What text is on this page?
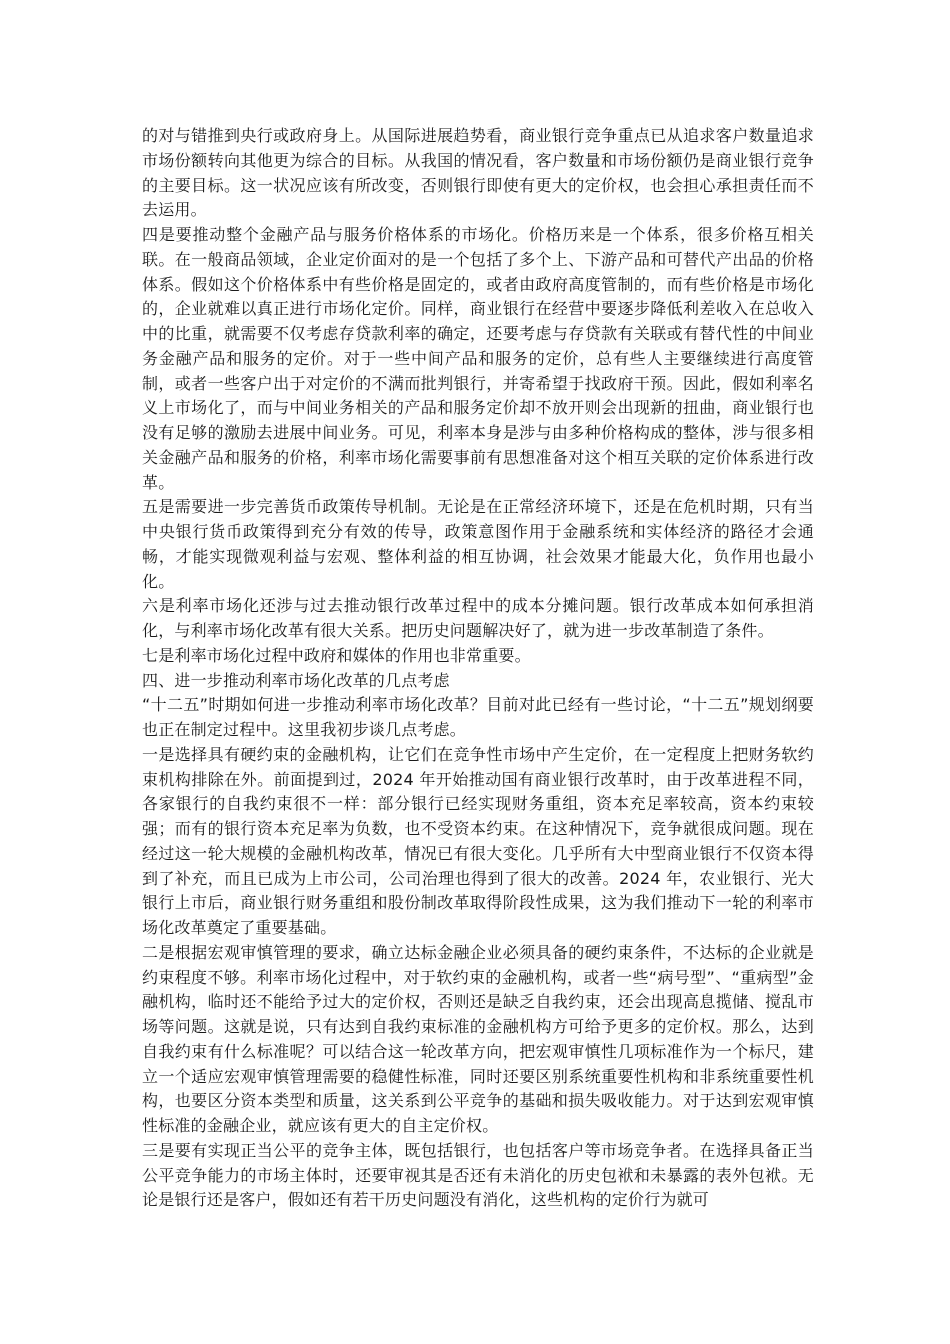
的对与错推到央行或政府身上。从国际进展趋势看，商业银行竞争重点已从追求客户数量追求市场份额转向其他更为综合的目标。从我国的情况看，客户数量和市场份额仍是商业银行竞争的主要目标。这一状况应该有所改变，否则银行即使有更大的定价权，也会担心承担责任而不去运用。

四是要推动整个金融产品与服务价格体系的市场化。价格历来是一个体系，很多价格互相关联。在一般商品领域，企业定价面对的是一个包括了多个上、下游产品和可替代产出品的价格体系。假如这个价格体系中有些价格是固定的，或者由政府高度管制的，而有些价格是市场化的，企业就难以真正进行市场化定价。同样，商业银行在经营中要逐步降低利差收入在总收入中的比重，就需要不仅考虑存贷款利率的确定，还要考虑与存贷款有关联或有替代性的中间业务金融产品和服务的定价。对于一些中间产品和服务的定价，总有些人主要继续进行高度管制，或者一些客户出于对定价的不满而批判银行，并寄希望于找政府干预。因此，假如利率名义上市场化了，而与中间业务相关的产品和服务定价却不放开则会出现新的扭曲，商业银行也没有足够的激励去进展中间业务。可见，利率本身是涉与由多种价格构成的整体，涉与很多相关金融产品和服务的价格，利率市场化需要事前有思想准备对这个相互关联的定价体系进行改革。

五是需要进一步完善货币政策传导机制。无论是在正常经济环境下，还是在危机时期，只有当中央银行货币政策得到充分有效的传导，政策意图作用于金融系统和实体经济的路径才会通畅，才能实现微观利益与宏观、整体利益的相互协调，社会效果才能最大化，负作用也最小化。

六是利率市场化还涉与过去推动银行改革过程中的成本分摊问题。银行改革成本如何承担消化，与利率市场化改革有很大关系。把历史问题解决好了，就为进一步改革制造了条件。

七是利率市场化过程中政府和媒体的作用也非常重要。

四、进一步推动利率市场化改革的几点考虑

“十二五”时期如何进一步推动利率市场化改革？目前对此已经有一些讨论，“十二五”规划纲要也正在制定过程中。这里我初步谈几点考虑。

一是选择具有硬约束的金融机构，让它们在竞争性市场中产生定价，在一定程度上把财务软约束机构排除在外。前面提到过，2024 年开始推动国有商业银行改革时，由于改革进程不同，各家银行的自我约束很不一样：部分银行已经实现财务重组，资本充足率较高，资本约束较强；而有的银行资本充足率为负数，也不受资本约束。在这种情况下，竞争就很成问题。现在经过这一轮大规模的金融机构改革，情况已有很大变化。几乎所有大中型商业银行不仅资本得到了补充，而且已成为上市公司，公司治理也得到了很大的改善。2024 年，农业银行、光大银行上市后，商业银行财务重组和股份制改革取得阶段性成果，这为我们推动下一轮的利率市场化改革奠定了重要基础。

二是根据宏观审慎管理的要求，确立达标金融企业必须具备的硬约束条件，不达标的企业就是约束程度不够。利率市场化过程中，对于软约束的金融机构，或者一些“病号型”、“重病型”金融机构，临时还不能给予过大的定价权，否则还是缺乏自我约束，还会出现高息揽储、搅乱市场等问题。这就是说，只有达到自我约束标准的金融机构方可给予更多的定价权。那么，达到自我约束有什么标准呢？可以结合这一轮改革方向，把宏观审慎性几项标准作为一个标尺，建立一个适应宏观审慎管理需要的稳健性标准，同时还要区别系统重要性机构和非系统重要性机构，也要区分资本类型和质量，这关系到公平竞争的基础和损失吸收能力。对于达到宏观审慎性标准的金融企业，就应该有更大的自主定价权。

三是要有实现正当公平的竞争主体，既包括银行，也包括客户等市场竞争者。在选择具备正当公平竞争能力的市场主体时，还要审视其是否还有未消化的历史包袱和未暴露的表外包袱。无论是银行还是客户，假如还有若干历史问题没有消化，这些机构的定价行为就可
